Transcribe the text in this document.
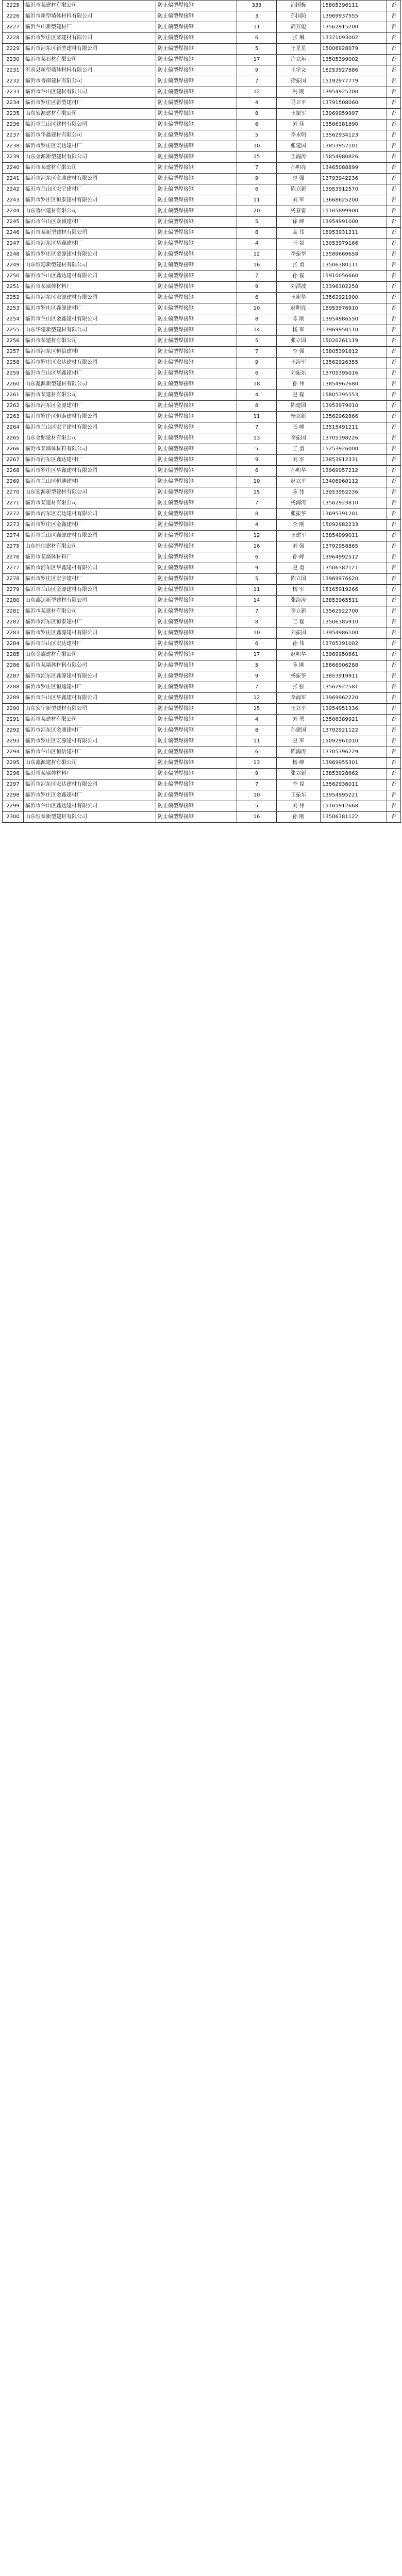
2225	临沂市某建材有限公司	防止偏型焊接钢	333	邵国栋	15805396111	否
2226	临沂市新型墙体材料有限公司	防止偏型焊接钢	3	孙国防	13969937555	否
2227	临沂兰山新型建材厂	防止偏型焊接钢	11	高万彪	13562915200	否
2228	临沂市罗庄区某建材有限公司	防止偏型焊接钢	6	张 琳	13371093002	否
2229	临沂市河东区新型建材有限公司	防止偏型焊接钢	5	王星星	15006928079	否
2230	临沂市某石材有限公司	防止偏型焊接钢	17	许立年	13505399002	否
2231	沂南县新型墙体材料有限公司	防止偏型焊接钢	9	王学文	18253927886	否
2232	临沂市鲁南建材有限公司	防止偏型焊接钢	7	徐振国	15192977779	否
2233	临沂市兰山区建材有限公司	防止偏型焊接钢	12	冯 刚	13954925700	否
2234	临沂市罗庄区新型建材厂	防止偏型焊接钢	4	马立平	13791508060	否
2235	山东宏源建材有限公司	防止偏型焊接钢	8	王振军	13969959997	否
2236	临沂市兰山区建材有限公司	防止偏型焊接钢	6	刘 佳	13506381890	否
2237	临沂市华鑫建材有限公司	防止偏型焊接钢	5	李永明	13562934123	否
2238	临沂市罗庄区宏达建材厂	防止偏型焊接钢	10	张建国	13853952101	否
2239	山东金源新型建材有限公司	防止偏型焊接钢	15	王海涛	15854980826	否
2240	临沂市某建材有限公司	防止偏型焊接钢	7	孙明亮	13465088899	否
2241	临沂市河东区金鼎建材有限公司	防止偏型焊接钢	9	赵 强	13793942236	否
2242	临沂市兰山区宏宇建材厂	防止偏型焊接钢	6	陈立新	13953912570	否
2243	临沂市罗庄区恒泰建材有限公司	防止偏型焊接钢	11	刘 军	13668625200	否
2244	山东鲁信建材有限公司	防止偏型焊接钢	20	杨春雷	15165899900	否
2245	临沂市兰山区众诚建材厂	防止偏型焊接钢	5	徐 峰	13954991000	否
2246	临沂市某新型建材有限公司	防止偏型焊接钢	8	高 伟	18953931211	否
2247	临沂市河东区华鑫建材厂	防止偏型焊接钢	4	王 磊	13053979166	否
2248	临沂市罗庄区金源建材有限公司	防止偏型焊接钢	12	李振华	13589669658	否
2249	山东恒通新型建材有限公司	防止偏型焊接钢	16	张 勇	13506380111	否
2250	临沂市兰山区鑫达建材有限公司	防止偏型焊接钢	7	孙 磊	15910056660	否
2251	临沂市某墙体材料厂	防止偏型焊接钢	9	刘洪波	13396302258	否
2252	临沂市河东区宏源建材有限公司	防止偏型焊接钢	6	王新华	13562921900	否
2253	临沂市罗庄区鑫源建材厂	防止偏型焊接钢	10	赵明亮	18953976910	否
2254	临沂市兰山区金鑫建材有限公司	防止偏型焊接钢	8	陈 刚	13954986550	否
2255	山东华建新型建材有限公司	防止偏型焊接钢	14	杨 军	13969950110	否
2256	临沂市某建材有限公司	防止偏型焊接钢	5	张立国	15020261119	否
2257	临沂市河东区恒信建材厂	防止偏型焊接钢	7	李 强	13805391812	否
2258	临沂市罗庄区宏达建材有限公司	防止偏型焊接钢	9	王海军	13562926355	否
2259	临沂市兰山区华鑫建材厂	防止偏型焊接钢	6	刘振东	13705395016	否
2260	山东鑫源新型建材有限公司	防止偏型焊接钢	18	孙 伟	13854962680	否
2261	临沂市某建材有限公司	防止偏型焊接钢	4	赵 磊	15805395553	否
2262	临沂市河东区金源建材厂	防止偏型焊接钢	8	陈建国	13953979010	否
2263	临沂市罗庄区恒泰建材有限公司	防止偏型焊接钢	11	杨立新	13562962866	否
2264	临沂市兰山区宏宇建材有限公司	防止偏型焊接钢	7	张 峰	13515491211	否
2265	山东金鼎建材有限公司	防止偏型焊接钢	13	李振国	13705398226	否
2266	临沂市某墙体材料有限公司	防止偏型焊接钢	5	王 勇	15253926000	否
2267	临沂市河东区鑫达建材厂	防止偏型焊接钢	9	刘 军	13853912331	否
2268	临沂市罗庄区华鑫建材有限公司	防止偏型焊接钢	6	孙明华	13969957212	否
2269	临沂市兰山区恒通建材厂	防止偏型焊接钢	10	赵立平	13406960112	否
2270	山东宏源新型建材有限公司	防止偏型焊接钢	15	陈 伟	13953952236	否
2271	临沂市某建材有限公司	防止偏型焊接钢	7	杨海涛	13562923810	否
2272	临沂市河东区宏达建材有限公司	防止偏型焊接钢	8	张振华	13695391201	否
2273	临沂市罗庄区金鑫建材厂	防止偏型焊接钢	4	李 刚	15092982233	否
2274	临沂市兰山区鑫源建材有限公司	防止偏型焊接钢	12	王建军	13854999011	否
2275	山东恒信建材有限公司	防止偏型焊接钢	16	刘 强	13792958865	否
2276	临沂市某墙体材料厂	防止偏型焊接钢	6	孙 峰	13964992512	否
2277	临沂市河东区华鑫建材有限公司	防止偏型焊接钢	9	赵 勇	13506382121	否
2278	临沂市罗庄区宏宇建材厂	防止偏型焊接钢	5	陈立国	13969976620	否
2279	临沂市兰山区金源建材有限公司	防止偏型焊接钢	11	杨 军	15165919266	否
2280	山东鑫达新型建材有限公司	防止偏型焊接钢	14	张海涛	13853965511	否
2281	临沂市某建材有限公司	防止偏型焊接钢	7	李立新	13562922700	否
2282	临沂市河东区恒泰建材厂	防止偏型焊接钢	8	王 磊	13506385910	否
2283	临沂市罗庄区鑫源建材有限公司	防止偏型焊接钢	10	刘振国	13954986100	否
2284	临沂市兰山区宏达建材厂	防止偏型焊接钢	6	孙 伟	13705391002	否
2285	山东金鑫建材有限公司	防止偏型焊接钢	17	赵明华	13969950661	否
2286	临沂市某墙体材料有限公司	防止偏型焊接钢	5	陈 刚	15866906288	否
2287	临沂市河东区鑫源建材有限公司	防止偏型焊接钢	9	杨振华	13853919911	否
2288	临沂市罗庄区恒通建材厂	防止偏型焊接钢	7	张 强	13562922581	否
2289	临沂市兰山区华鑫建材有限公司	防止偏型焊接钢	12	李海军	13969962220	否
2290	山东宏宇新型建材有限公司	防止偏型焊接钢	15	王立平	13954951336	否
2291	临沂市某建材有限公司	防止偏型焊接钢	4	刘 勇	13506389921	否
2292	临沂市河东区金鼎建材厂	防止偏型焊接钢	8	孙建国	13792921122	否
2293	临沂市罗庄区宏源建材有限公司	防止偏型焊接钢	11	赵 军	15092961010	否
2294	临沂市兰山区恒信建材厂	防止偏型焊接钢	6	陈海涛	13705396229	否
2295	山东鑫源建材有限公司	防止偏型焊接钢	13	杨 峰	13969955301	否
2296	临沂市某墙体材料厂	防止偏型焊接钢	9	张立新	13853928662	否
2297	临沂市河东区宏达建材有限公司	防止偏型焊接钢	7	李 磊	13562936011	否
2298	临沂市罗庄区金鑫建材厂	防止偏型焊接钢	10	王振东	13954995221	否
2299	临沂市兰山区鑫达建材有限公司	防止偏型焊接钢	5	刘 伟	15165912668	否
2300	山东恒泰新型建材有限公司	防止偏型焊接钢	16	孙 刚	13506381122	否
